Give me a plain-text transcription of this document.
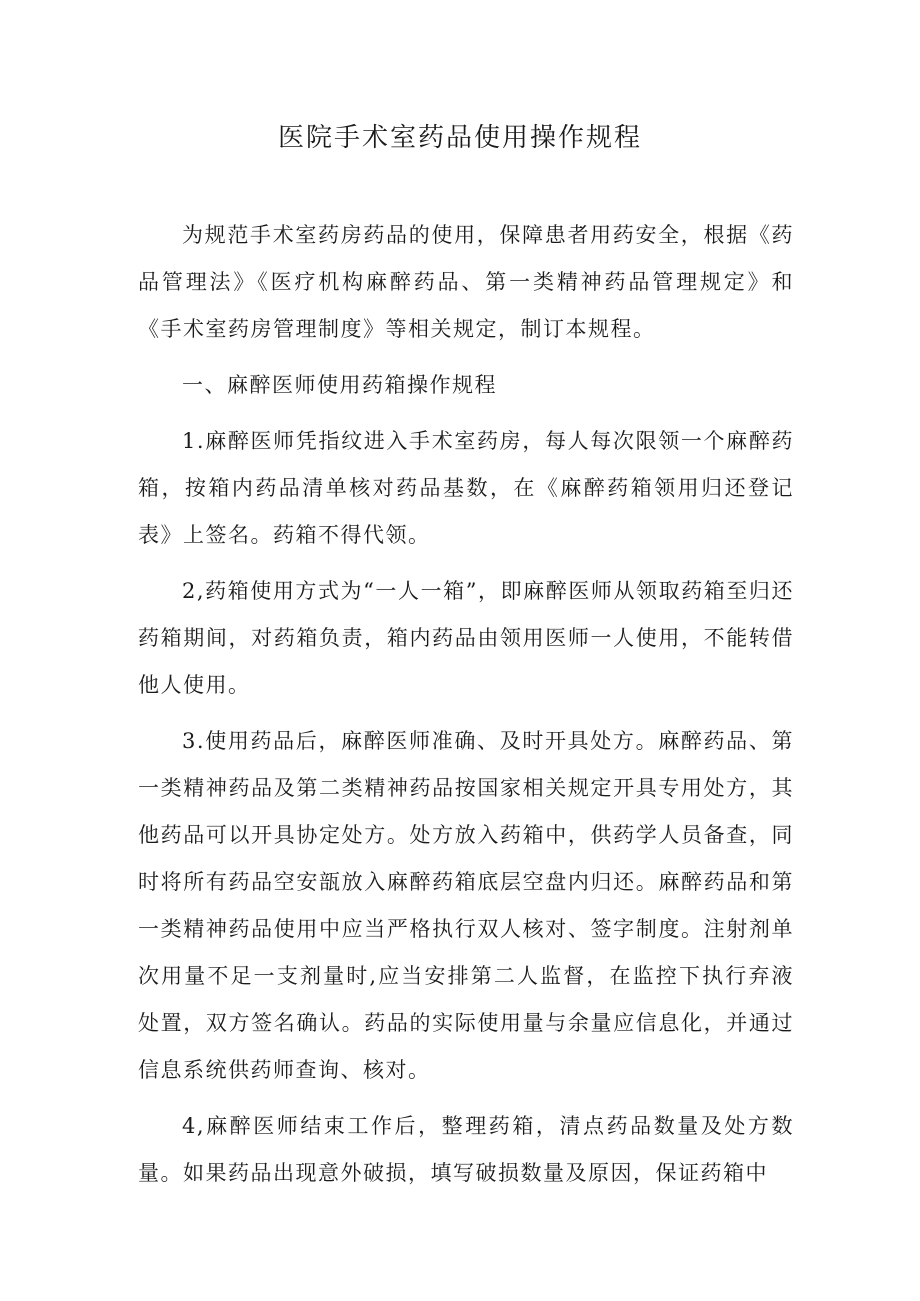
医院手术室药品使用操作规程

为规范手术室药房药品的使用，保障患者用药安全，根据《药品管理法》《医疗机构麻醉药品、第一类精神药品管理规定》和《手术室药房管理制度》等相关规定，制订本规程。

一、麻醉医师使用药箱操作规程

1.麻醉医师凭指纹进入手术室药房，每人每次限领一个麻醉药箱，按箱内药品清单核对药品基数，在《麻醉药箱领用归还登记表》上签名。药箱不得代领。

2,药箱使用方式为“一人一箱”，即麻醉医师从领取药箱至归还药箱期间，对药箱负责，箱内药品由领用医师一人使用，不能转借他人使用。

3.使用药品后，麻醉医师准确、及时开具处方。麻醉药品、第一类精神药品及第二类精神药品按国家相关规定开具专用处方，其他药品可以开具协定处方。处方放入药箱中，供药学人员备查，同时将所有药品空安瓿放入麻醉药箱底层空盘内归还。麻醉药品和第一类精神药品使用中应当严格执行双人核对、签字制度。注射剂单次用量不足一支剂量时,应当安排第二人监督，在监控下执行弃液处置，双方签名确认。药品的实际使用量与余量应信息化，并通过信息系统供药师查询、核对。

4,麻醉医师结束工作后，整理药箱，清点药品数量及处方数量。如果药品出现意外破损，填写破损数量及原因，保证药箱中
